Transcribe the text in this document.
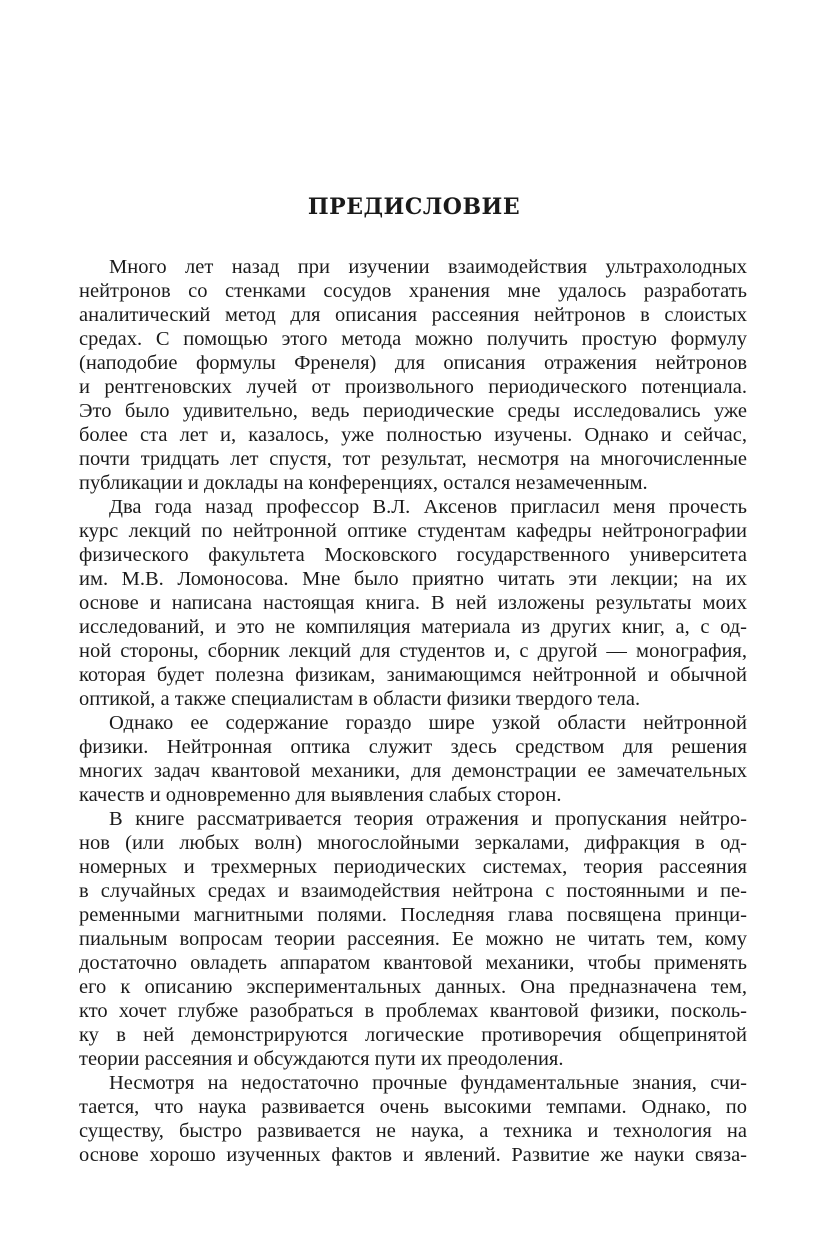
ПРЕДИСЛОВИЕ

Много лет назад при изучении взаимодействия ультрахолодных
нейтронов со стенками сосудов хранения мне удалось разработать
аналитический метод для описания рассеяния нейтронов в слоистых
средах. С помощью этого метода можно получить простую формулу
(наподобие формулы Френеля) для описания отражения нейтронов
и рентгеновских лучей от произвольного периодического потенциала.
Это было удивительно, ведь периодические среды исследовались уже
более ста лет и, казалось, уже полностью изучены. Однако и сейчас,
почти тридцать лет спустя, тот результат, несмотря на многочисленные
публикации и доклады на конференциях, остался незамеченным.

Два года назад профессор В.Л. Аксенов пригласил меня прочесть
курс лекций по нейтронной оптике студентам кафедры нейтронографии
физического факультета Московского государственного университета
им. М.В. Ломоносова. Мне было приятно читать эти лекции; на их
основе и написана настоящая книга. В ней изложены результаты моих
исследований, и это не компиляция материала из других книг, а, с од-
ной стороны, сборник лекций для студентов и, с другой — монография,
которая будет полезна физикам, занимающимся нейтронной и обычной
оптикой, а также специалистам в области физики твердого тела.

Однако ее содержание гораздо шире узкой области нейтронной
физики. Нейтронная оптика служит здесь средством для решения
многих задач квантовой механики, для демонстрации ее замечательных
качеств и одновременно для выявления слабых сторон.

В книге рассматривается теория отражения и пропускания нейтро-
нов (или любых волн) многослойными зеркалами, дифракция в од-
номерных и трехмерных периодических системах, теория рассеяния
в случайных средах и взаимодействия нейтрона с постоянными и пе-
ременными магнитными полями. Последняя глава посвящена принци-
пиальным вопросам теории рассеяния. Ее можно не читать тем, кому
достаточно овладеть аппаратом квантовой механики, чтобы применять
его к описанию экспериментальных данных. Она предназначена тем,
кто хочет глубже разобраться в проблемах квантовой физики, посколь-
ку в ней демонстрируются логические противоречия общепринятой
теории рассеяния и обсуждаются пути их преодоления.

Несмотря на недостаточно прочные фундаментальные знания, счи-
тается, что наука развивается очень высокими темпами. Однако, по
существу, быстро развивается не наука, а техника и технология на
основе хорошо изученных фактов и явлений. Развитие же науки связа-
